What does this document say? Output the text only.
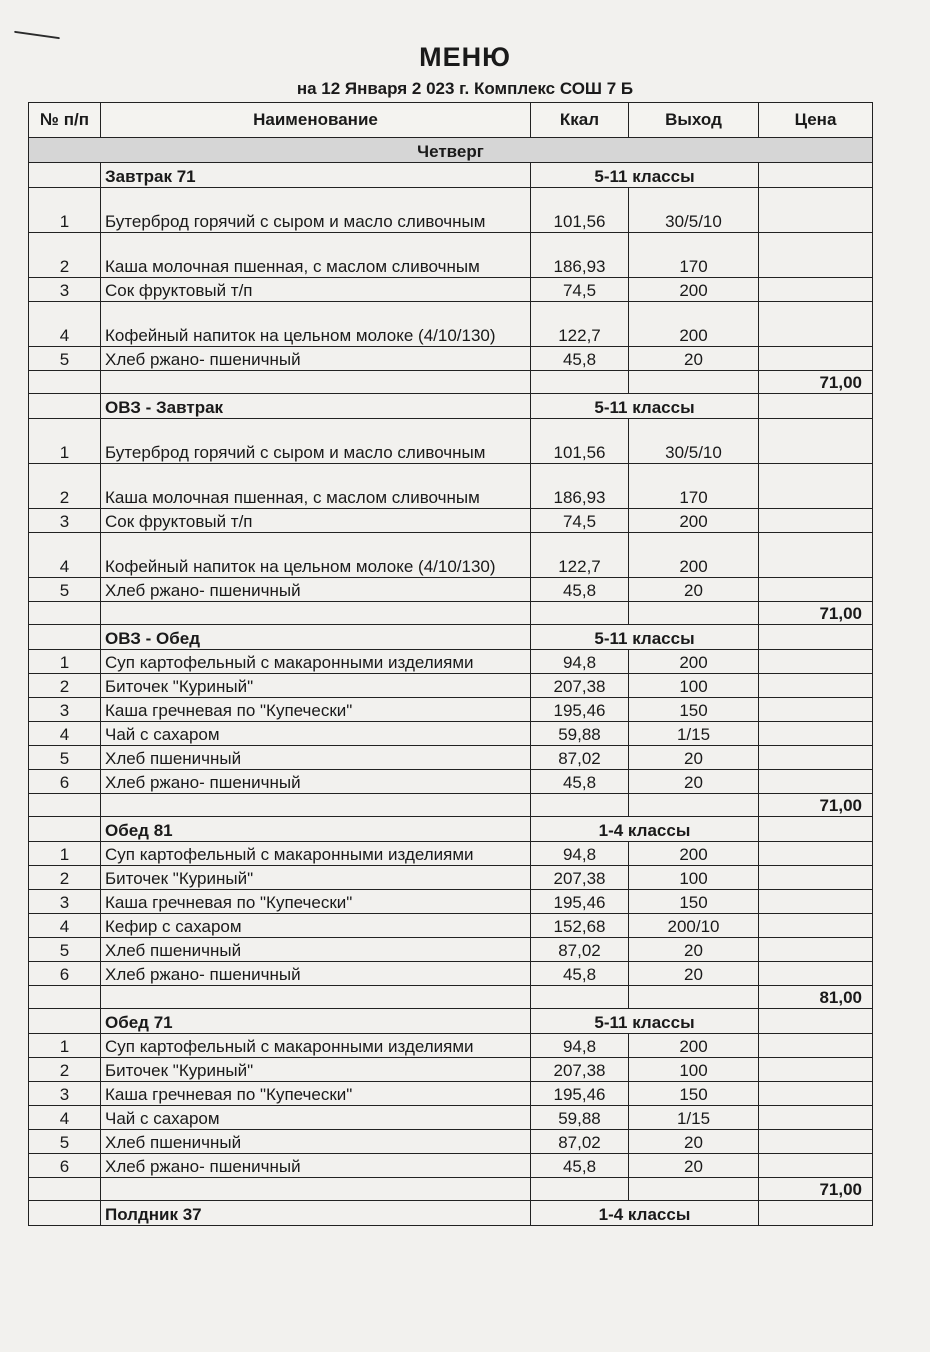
МЕНЮ
на 12 Января 2 023 г. Комплекс СОШ 7 Б
№ п/п	Наименование	Ккал	Выход	Цена
Четверг				
	Завтрак 71	5-11 классы		
1	Бутерброд горячий с сыром и масло сливочным	101,56	30/5/10	
2	Каша молочная пшенная, с маслом сливочным	186,93	170	
3	Сок фруктовый т/п	74,5	200	
4	Кофейный напиток на цельном молоке (4/10/130)	122,7	200	
5	Хлеб ржано- пшеничный	45,8	20	
				71,00
	ОВЗ - Завтрак	5-11 классы		
1	Бутерброд горячий с сыром и масло сливочным	101,56	30/5/10	
2	Каша молочная пшенная, с маслом сливочным	186,93	170	
3	Сок фруктовый т/п	74,5	200	
4	Кофейный напиток на цельном молоке (4/10/130)	122,7	200	
5	Хлеб ржано- пшеничный	45,8	20	
				71,00
	ОВЗ - Обед	5-11 классы		
1	Суп картофельный с макаронными изделиями	94,8	200	
2	Биточек "Куриный"	207,38	100	
3	Каша гречневая по "Купечески"	195,46	150	
4	Чай с сахаром	59,88	1/15	
5	Хлеб пшеничный	87,02	20	
6	Хлеб ржано- пшеничный	45,8	20	
				71,00
	Обед 81	1-4 классы		
1	Суп картофельный с макаронными изделиями	94,8	200	
2	Биточек "Куриный"	207,38	100	
3	Каша гречневая по "Купечески"	195,46	150	
4	Кефир с сахаром	152,68	200/10	
5	Хлеб пшеничный	87,02	20	
6	Хлеб ржано- пшеничный	45,8	20	
				81,00
	Обед 71	5-11 классы		
1	Суп картофельный с макаронными изделиями	94,8	200	
2	Биточек "Куриный"	207,38	100	
3	Каша гречневая по "Купечески"	195,46	150	
4	Чай с сахаром	59,88	1/15	
5	Хлеб пшеничный	87,02	20	
6	Хлеб ржано- пшеничный	45,8	20	
				71,00
	Полдник 37	1-4 классы		
